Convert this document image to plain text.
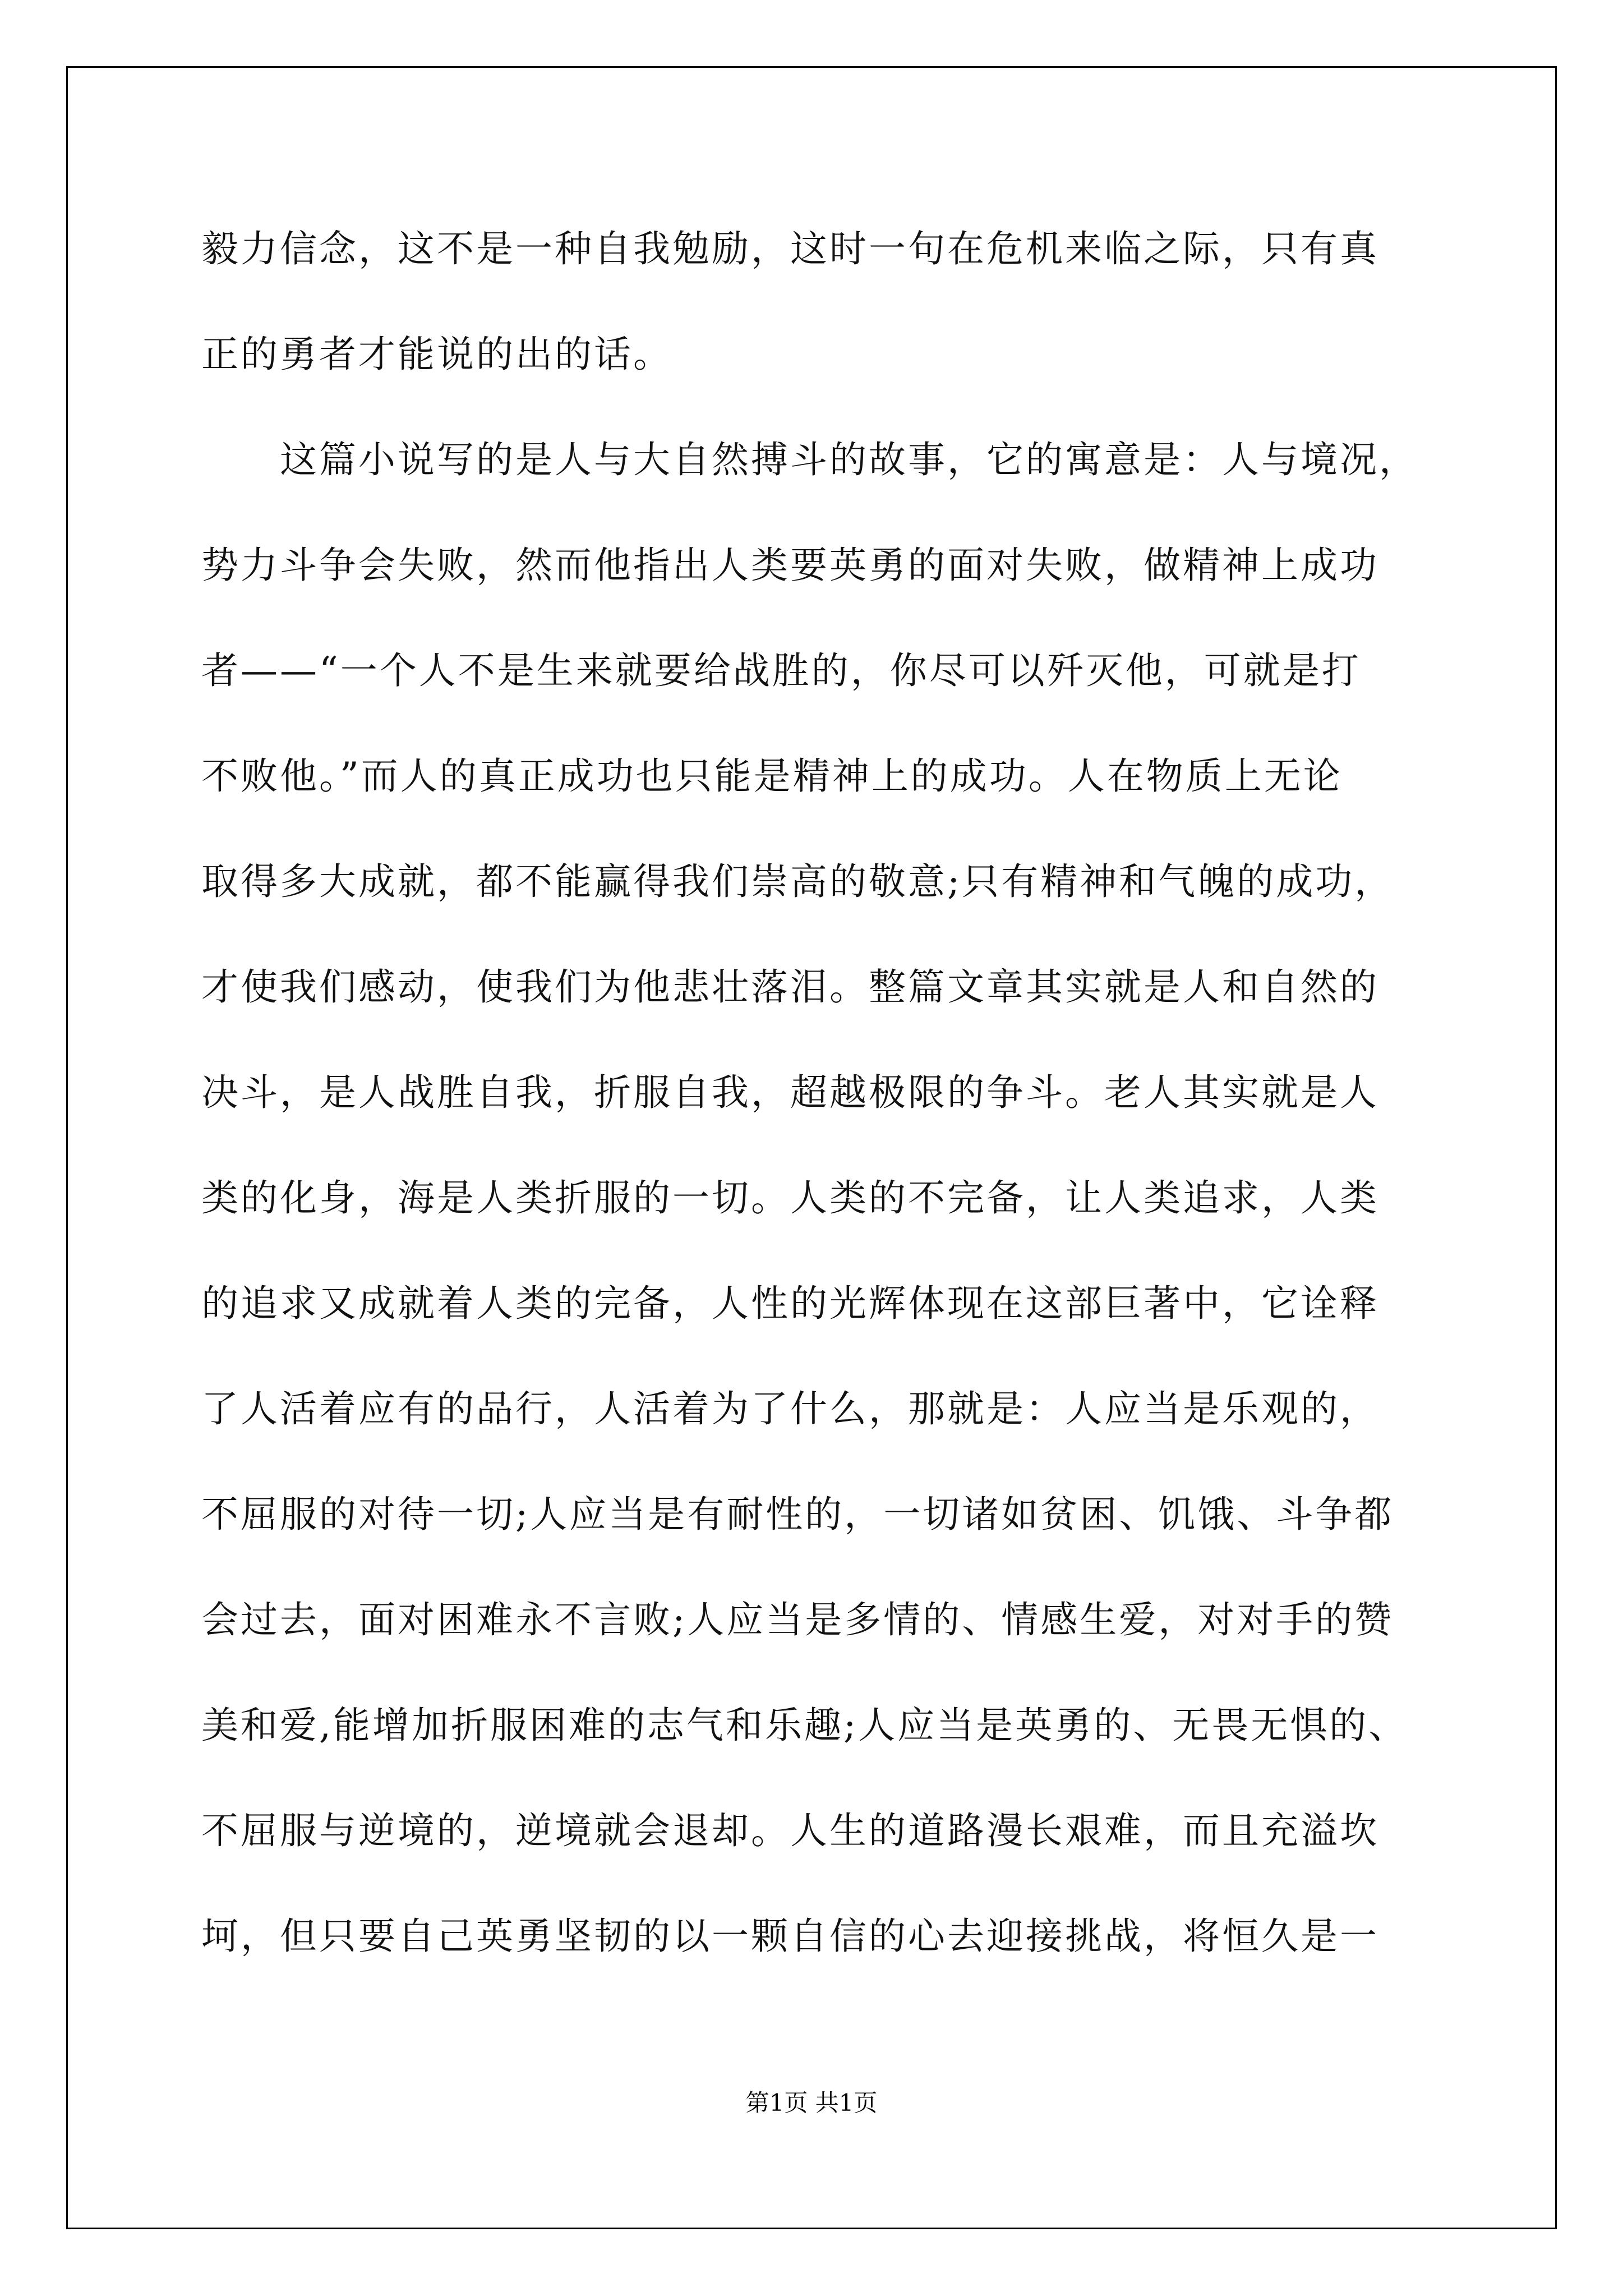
毅力信念，这不是一种自我勉励，这时一句在危机来临之际，只有真
正的勇者才能说的出的话。
这篇小说写的是人与大自然搏斗的故事，它的寓意是：人与境况，
势力斗争会失败，然而他指出人类要英勇的面对失败，做精神上成功
者——“一个人不是生来就要给战胜的，你尽可以歼灭他，可就是打
不败他。”而人的真正成功也只能是精神上的成功。人在物质上无论
取得多大成就，都不能赢得我们崇高的敬意;只有精神和气魄的成功，
才使我们感动，使我们为他悲壮落泪。整篇文章其实就是人和自然的
决斗，是人战胜自我，折服自我，超越极限的争斗。老人其实就是人
类的化身，海是人类折服的一切。人类的不完备，让人类追求，人类
的追求又成就着人类的完备，人性的光辉体现在这部巨著中，它诠释
了人活着应有的品行，人活着为了什么，那就是：人应当是乐观的，
不屈服的对待一切;人应当是有耐性的，一切诸如贫困、饥饿、斗争都
会过去，面对困难永不言败;人应当是多情的、情感生爱，对对手的赞
美和爱,能增加折服困难的志气和乐趣;人应当是英勇的、无畏无惧的、
不屈服与逆境的，逆境就会退却。人生的道路漫长艰难，而且充溢坎
坷，但只要自己英勇坚韧的以一颗自信的心去迎接挑战，将恒久是一
第1页 共1页
